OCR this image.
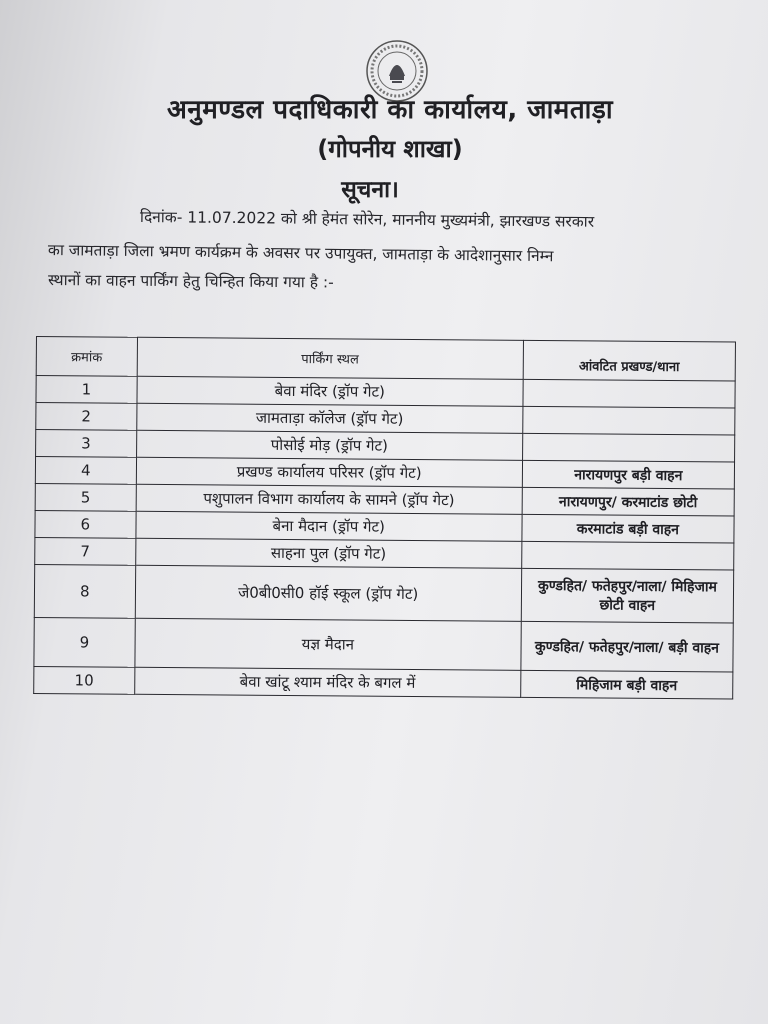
अनुमण्डल पदाधिकारी का कार्यालय, जामताड़ा
(गोपनीय शाखा)
सूचना।
दिनांक- 11.07.2022 को श्री हेमंत सोरेन, माननीय मुख्यमंत्री, झारखण्ड सरकार
का जामताड़ा जिला भ्रमण कार्यक्रम के अवसर पर उपायुक्त, जामताड़ा के आदेशानुसार निम्न
स्थानों का वाहन पार्किंग हेतु चिन्हित किया गया है :-
क्रमांक	पार्किंग स्थल	आंवटित प्रखण्ड/थाना
1	बेवा मंदिर (ड्रॉप गेट)	
2	जामताड़ा कॉलेज (ड्रॉप गेट)	
3	पोसोई मोड़ (ड्रॉप गेट)	
4	प्रखण्ड कार्यालय परिसर (ड्रॉप गेट)	नारायणपुर बड़ी वाहन
5	पशुपालन विभाग कार्यालय के सामने (ड्रॉप गेट)	नारायणपुर/ करमाटांड छोटी
6	बेना मैदान (ड्रॉप गेट)	करमाटांड बड़ी वाहन
7	साहना पुल (ड्रॉप गेट)	
8	जे0बी0सी0 हॉई स्कूल (ड्रॉप गेट)	कुण्डहित/ फतेहपुर/नाला/ मिहिजाम छोटी वाहन
9	यज्ञ मैदान	कुण्डहित/ फतेहपुर/नाला/ बड़ी वाहन
10	बेवा खांटू श्याम मंदिर के बगल में	मिहिजाम बड़ी वाहन
